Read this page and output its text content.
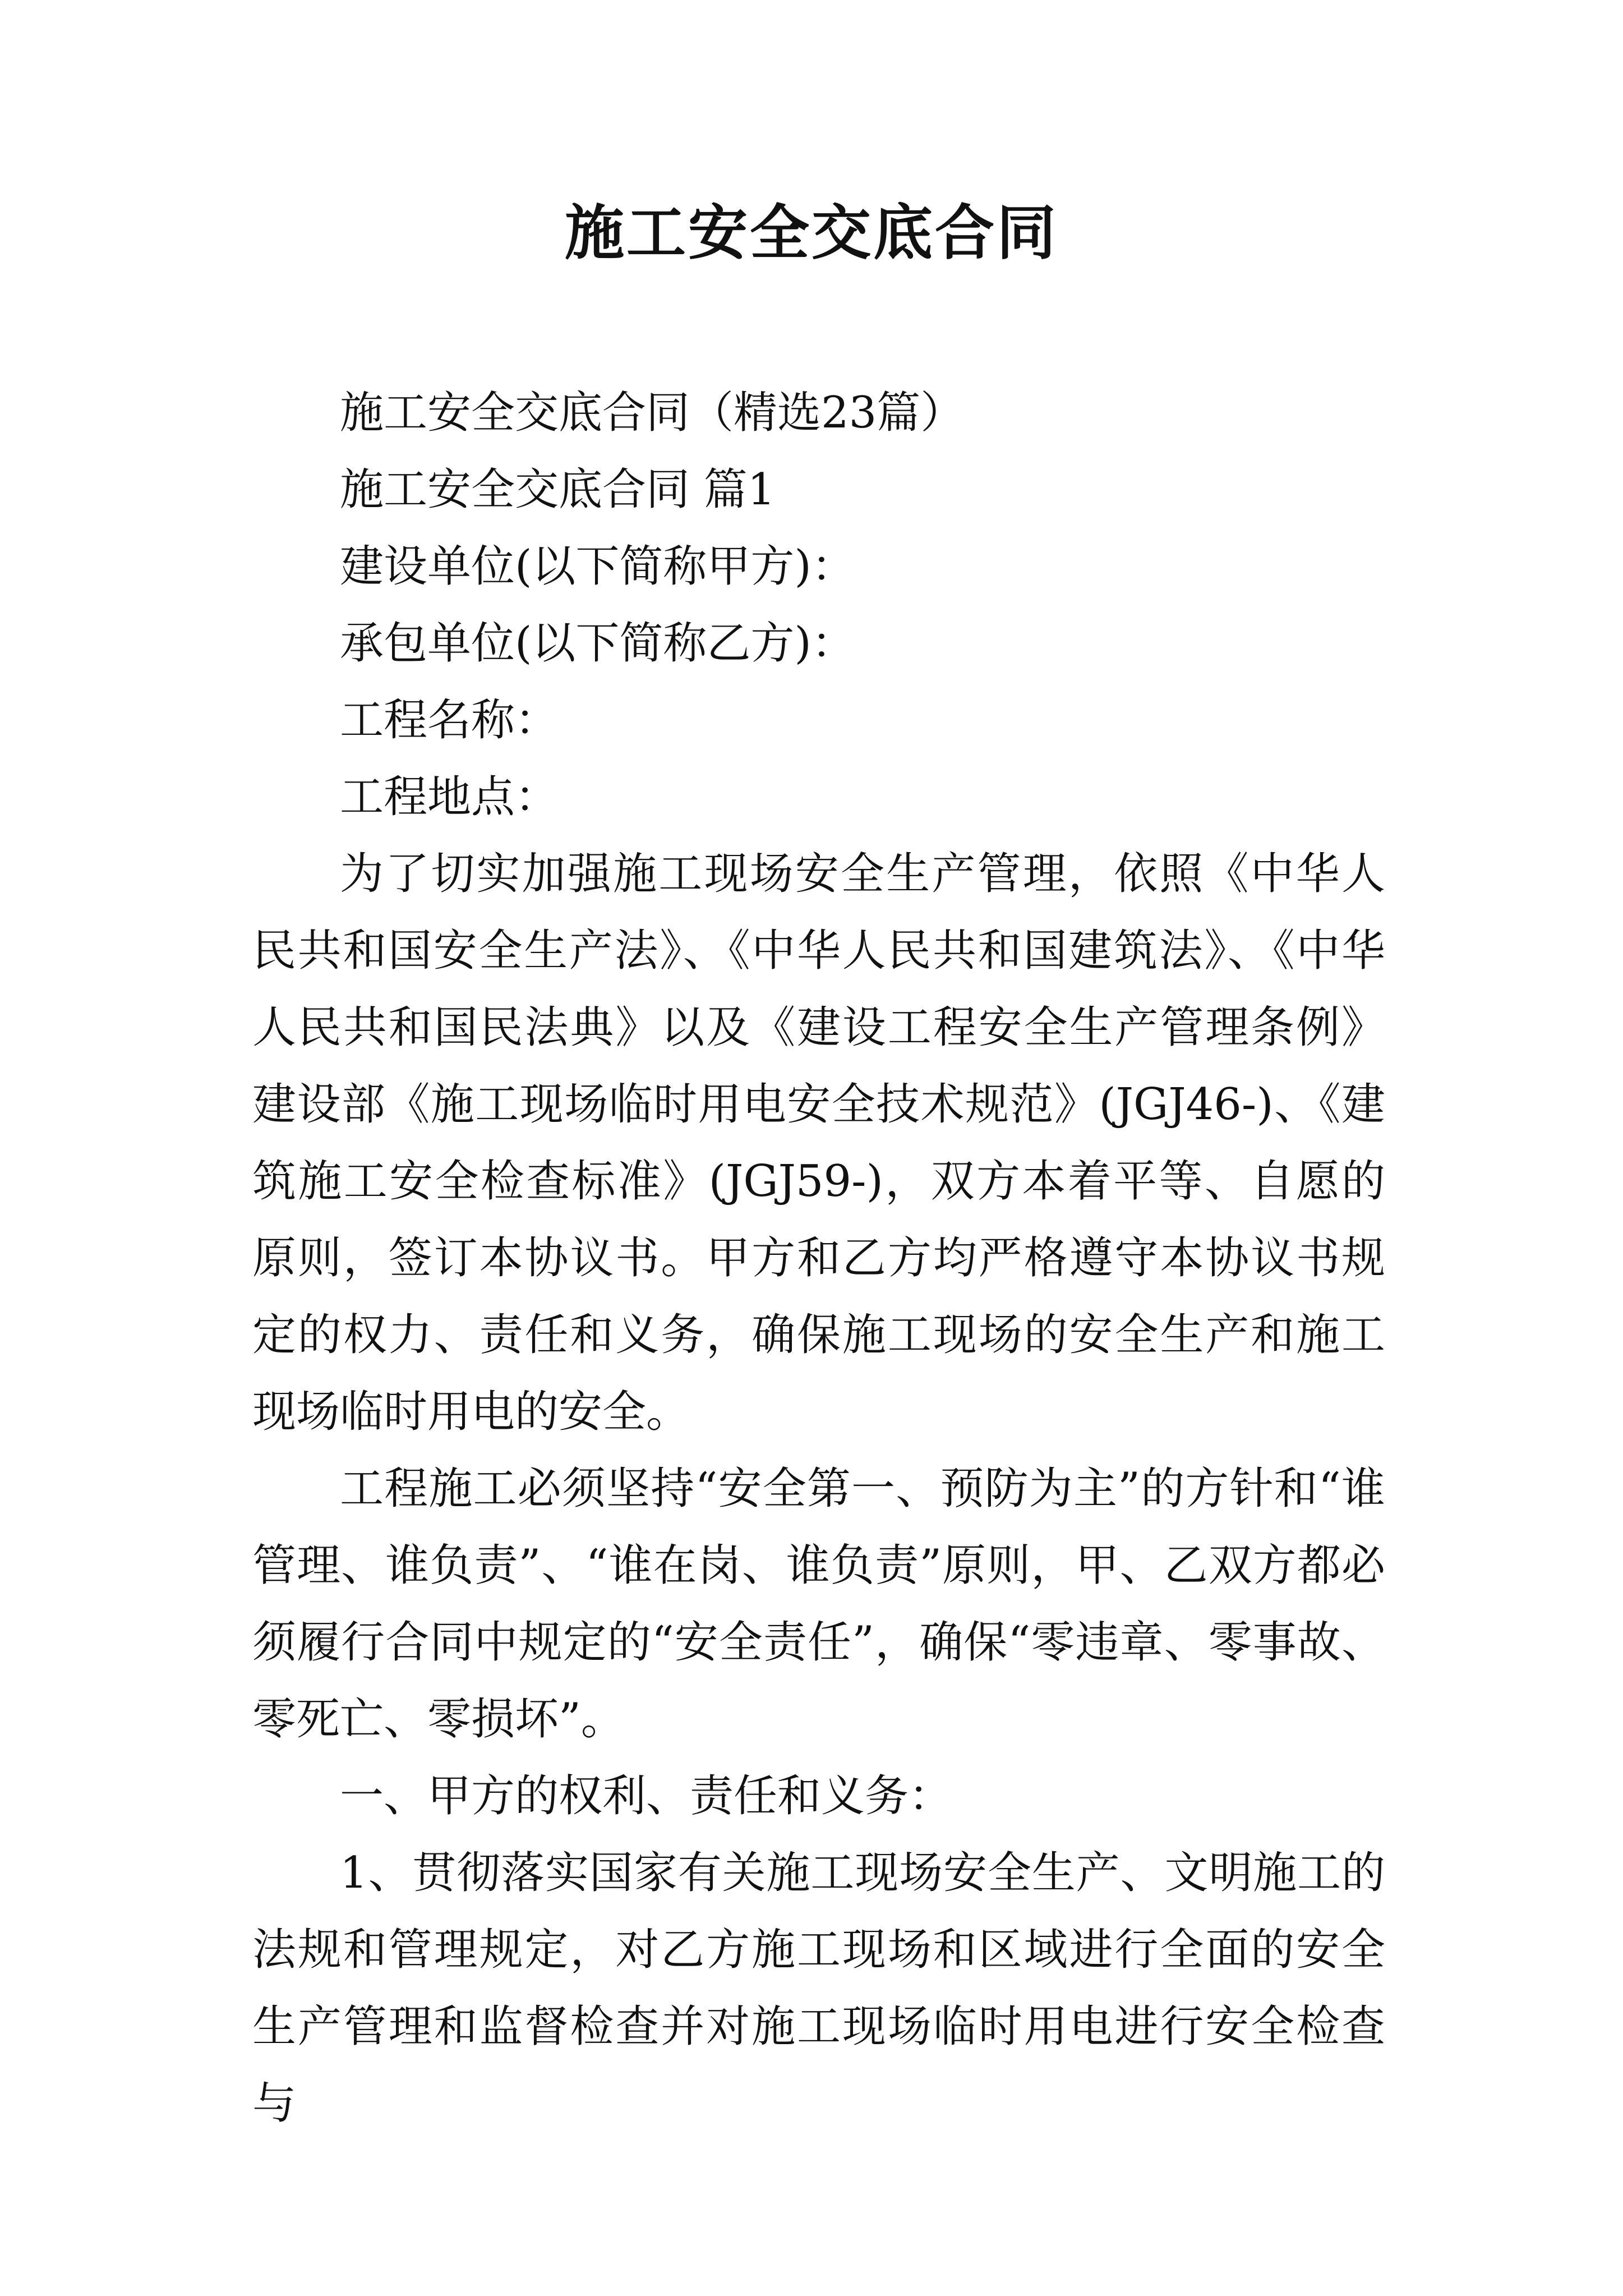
施工安全交底合同

施工安全交底合同（精选23篇）

施工安全交底合同 篇1

建设单位(以下简称甲方)：

承包单位(以下简称乙方)：

工程名称：

工程地点：

为了切实加强施工现场安全生产管理，依照《中华人民共和国安全生产法》、《中华人民共和国建筑法》、《中华人民共和国民法典》以及《建设工程安全生产管理条例》建设部《施工现场临时用电安全技术规范》(JGJ46-)、《建筑施工安全检查标准》(JGJ59-)，双方本着平等、自愿的原则，签订本协议书。甲方和乙方均严格遵守本协议书规定的权力、责任和义务，确保施工现场的安全生产和施工现场临时用电的安全。

工程施工必须坚持“安全第一、预防为主”的方针和“谁管理、谁负责”、“谁在岗、谁负责”原则，甲、乙双方都必须履行合同中规定的“安全责任”，确保“零违章、零事故、零死亡、零损坏”。

一、甲方的权利、责任和义务：

1、贯彻落实国家有关施工现场安全生产、文明施工的法规和管理规定，对乙方施工现场和区域进行全面的安全生产管理和监督检查并对施工现场临时用电进行安全检查与
